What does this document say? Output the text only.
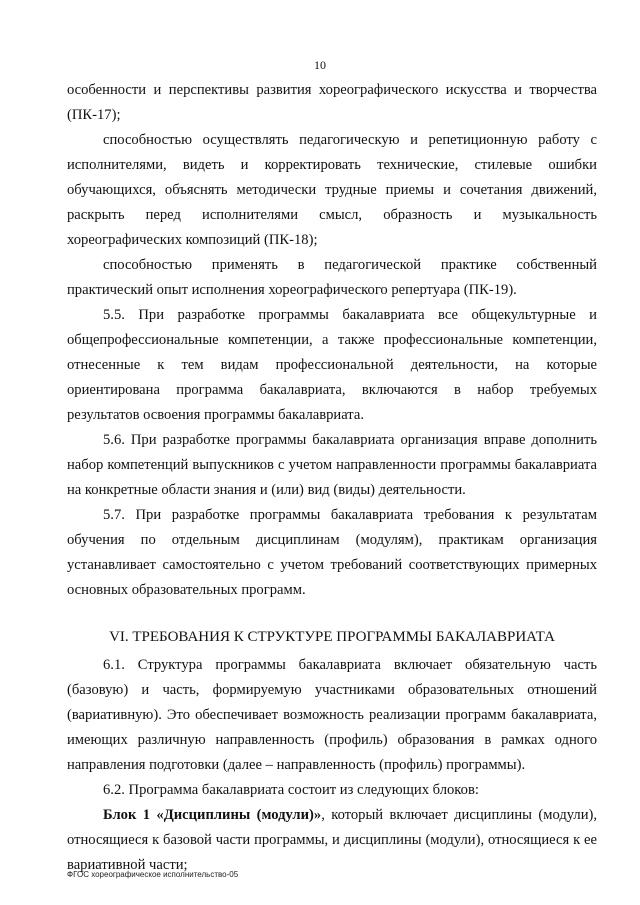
10

особенности и перспективы развития хореографического искусства и творчества (ПК-17);

способностью осуществлять педагогическую и репетиционную работу с исполнителями, видеть и корректировать технические, стилевые ошибки обучающихся, объяснять методически трудные приемы и сочетания движений, раскрыть перед исполнителями смысл, образность и музыкальность хореографических композиций (ПК-18);

способностью применять в педагогической практике собственный практический опыт исполнения хореографического репертуара (ПК-19).

5.5. При разработке программы бакалавриата все общекультурные и общепрофессиональные компетенции, а также профессиональные компетенции, отнесенные к тем видам профессиональной деятельности, на которые ориентирована программа бакалавриата, включаются в набор требуемых результатов освоения программы бакалавриата.

5.6. При разработке программы бакалавриата организация вправе дополнить набор компетенций выпускников с учетом направленности программы бакалавриата на конкретные области знания и (или) вид (виды) деятельности.

5.7. При разработке программы бакалавриата требования к результатам обучения по отдельным дисциплинам (модулям), практикам организация устанавливает самостоятельно с учетом требований соответствующих примерных основных образовательных программ.

VI. ТРЕБОВАНИЯ К СТРУКТУРЕ ПРОГРАММЫ БАКАЛАВРИАТА

6.1. Структура программы бакалавриата включает обязательную часть (базовую) и часть, формируемую участниками образовательных отношений (вариативную). Это обеспечивает возможность реализации программ бакалавриата, имеющих различную направленность (профиль) образования в рамках одного направления подготовки (далее – направленность (профиль) программы).

6.2. Программа бакалавриата состоит из следующих блоков:

Блок 1 «Дисциплины (модули)», который включает дисциплины (модули), относящиеся к базовой части программы, и дисциплины (модули), относящиеся к ее вариативной части;

ФГОС хореографическое исполнительство-05
